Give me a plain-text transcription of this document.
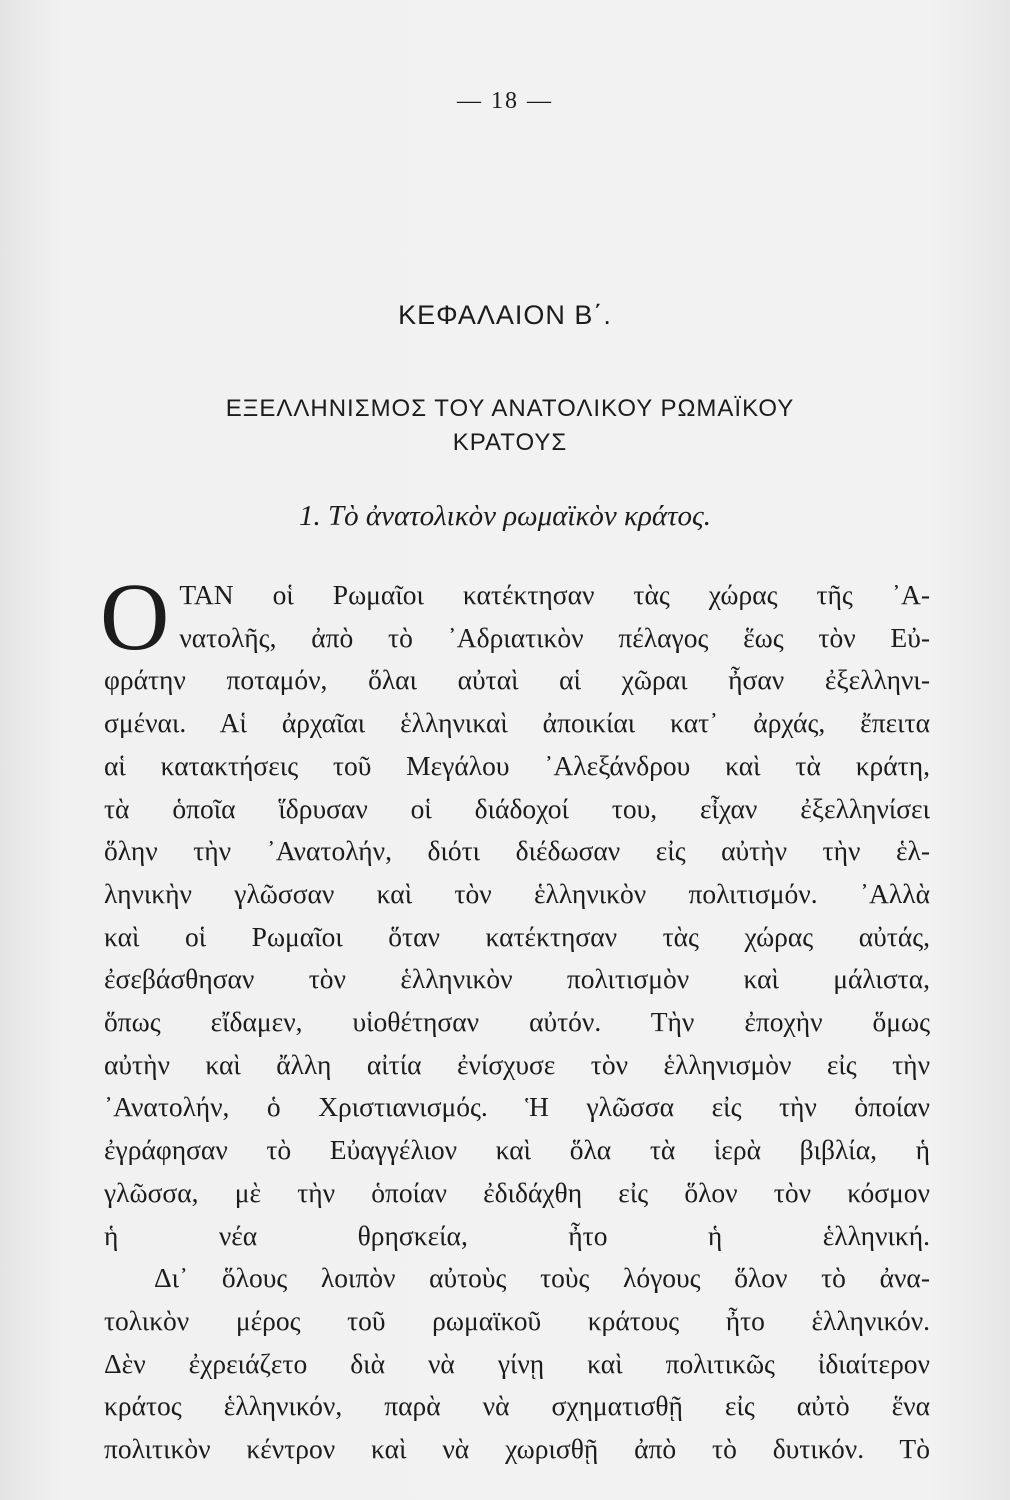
— 18 —
ΚΕΦΑΛΑΙΟΝ Β΄.
ΕΞΕΛΛΗΝΙΣΜΟΣ ΤΟΥ ΑΝΑΤΟΛΙΚΟΥ ΡΩΜΑΪΚΟΥ
ΚΡΑΤΟΥΣ
1. Τὸ ἀνατολικὸν ρωμαϊκὸν κράτος.
Ο ΤΑΝ οἱ Ρωμαῖοι κατέκτησαν τὰς χώρας τῆς ᾿Α-
νατολῆς, ἀπὸ τὸ ᾿Αδριατικὸν πέλαγος ἕως τὸν Εὐ-
φράτην ποταμόν, ὅλαι αὐταὶ αἱ χῶραι ἦσαν ἐξελληνι-
σμέναι. Αἱ ἀρχαῖαι ἑλληνικαὶ ἀποικίαι κατ᾿ ἀρχάς, ἔπειτα
αἱ κατακτήσεις τοῦ Μεγάλου ᾿Αλεξάνδρου καὶ τὰ κράτη,
τὰ ὁποῖα ἵδρυσαν οἱ διάδοχοί του, εἶχαν ἐξελληνίσει
ὅλην τὴν ᾿Ανατολήν, διότι διέδωσαν εἰς αὐτὴν τὴν ἑλ-
ληνικὴν γλῶσσαν καὶ τὸν ἑλληνικὸν πολιτισμόν. ᾿Αλλὰ
καὶ οἱ Ρωμαῖοι ὅταν κατέκτησαν τὰς χώρας αὐτάς,
ἐσεβάσθησαν τὸν ἑλληνικὸν πολιτισμὸν καὶ μάλιστα,
ὅπως εἴδαμεν, υἱοθέτησαν αὐτόν. Τὴν ἐποχὴν ὅμως
αὐτὴν καὶ ἄλλη αἰτία ἐνίσχυσε τὸν ἑλληνισμὸν εἰς τὴν
᾿Ανατολήν, ὁ Χριστιανισμός. Ἡ γλῶσσα εἰς τὴν ὁποίαν
ἐγράφησαν τὸ Εὐαγγέλιον καὶ ὅλα τὰ ἱερὰ βιβλία, ἡ
γλῶσσα, μὲ τὴν ὁποίαν ἐδιδάχθη εἰς ὅλον τὸν κόσμον
ἡ νέα θρησκεία, ἦτο ἡ ἑλληνική.
Δι᾿ ὅλους λοιπὸν αὐτοὺς τοὺς λόγους ὅλον τὸ ἀνα-
τολικὸν μέρος τοῦ ρωμαϊκοῦ κράτους ἦτο ἑλληνικόν.
Δὲν ἐχρειάζετο διὰ νὰ γίνῃ καὶ πολιτικῶς ἰδιαίτερον
κράτος ἑλληνικόν, παρὰ νὰ σχηματισθῇ εἰς αὐτὸ ἕνα
πολιτικὸν κέντρον καὶ νὰ χωρισθῇ ἀπὸ τὸ δυτικόν. Τὸ
